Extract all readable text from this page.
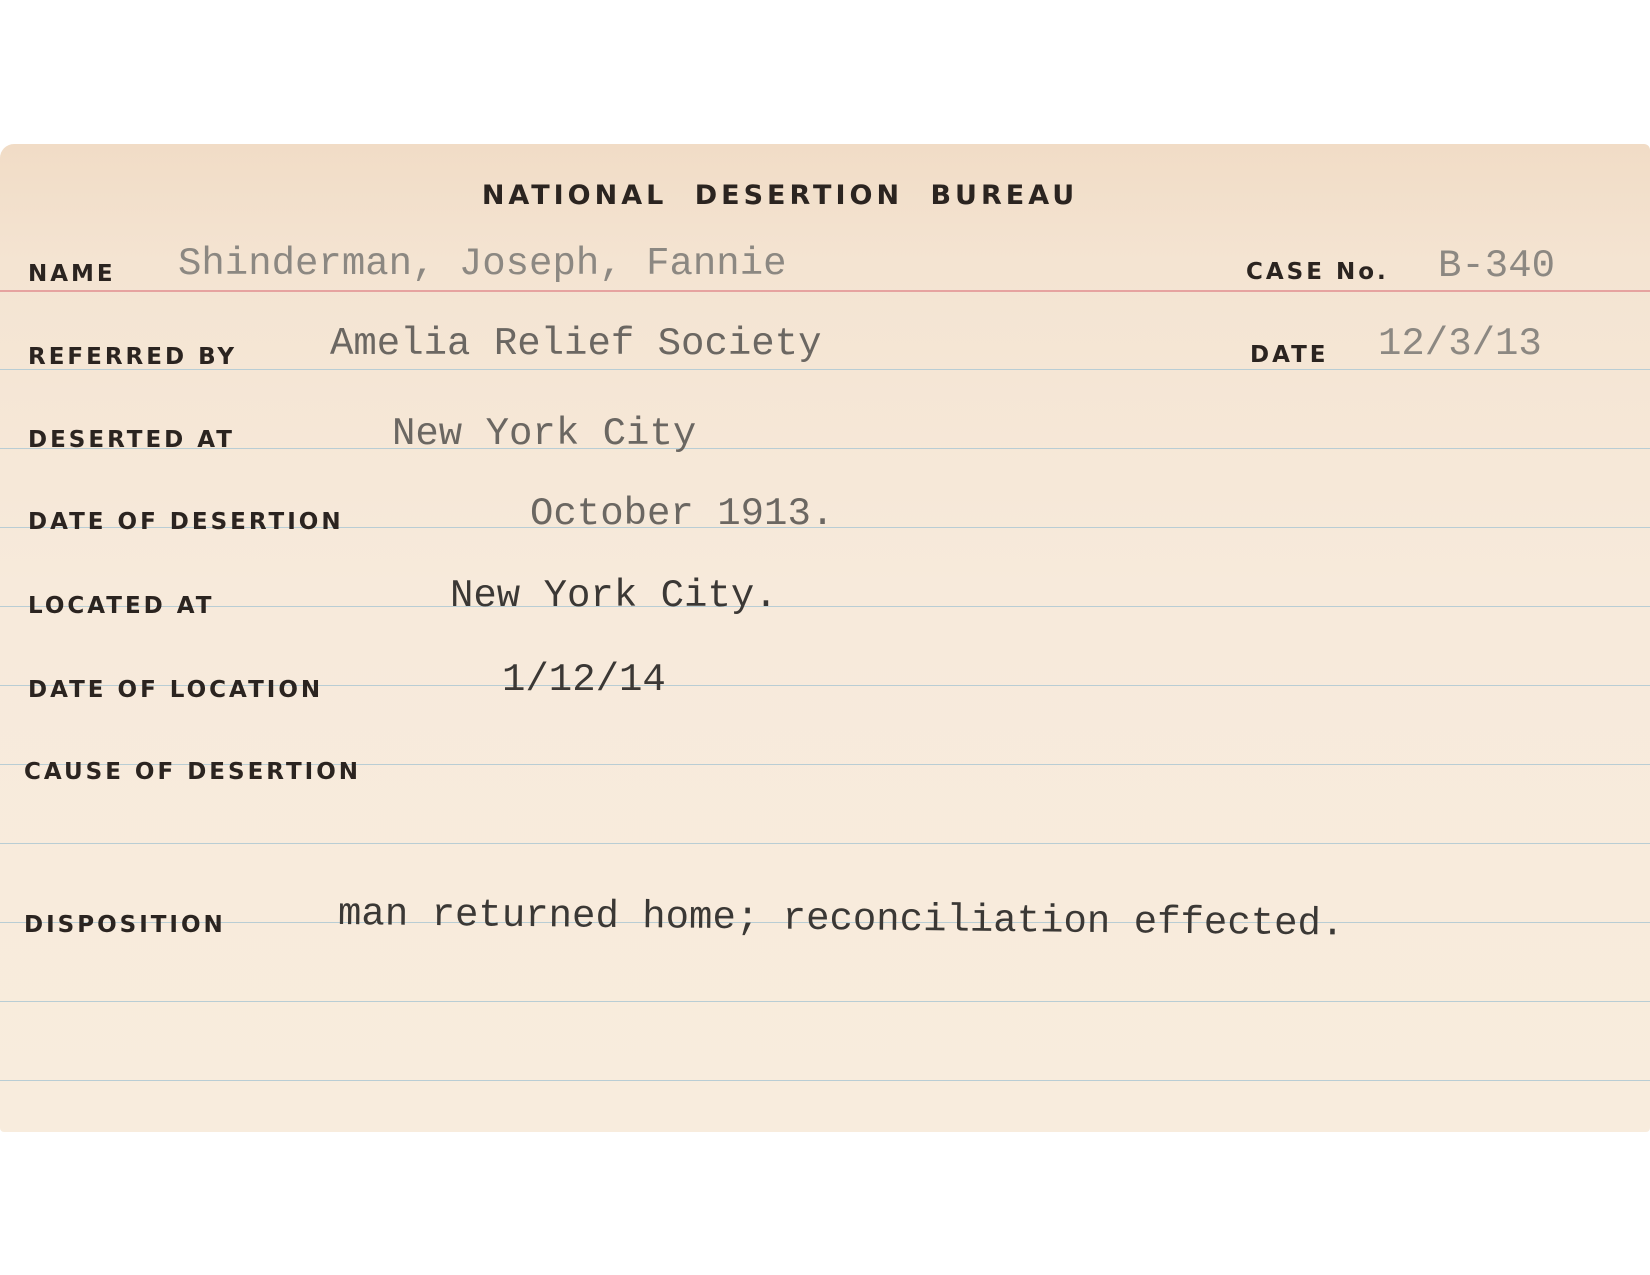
NATIONAL DESERTION BUREAU
NAME Shinderman, Joseph, Fannie	CASE No. B-340
REFERRED BY Amelia Relief Society	DATE 12/3/13
DESERTED AT	New York City
DATE OF DESERTION	October 1913.
LOCATED AT	New York City.
DATE OF LOCATION	1/12/14
CAUSE OF DESERTION
DISPOSITION	man returned home; reconciliation effected.
